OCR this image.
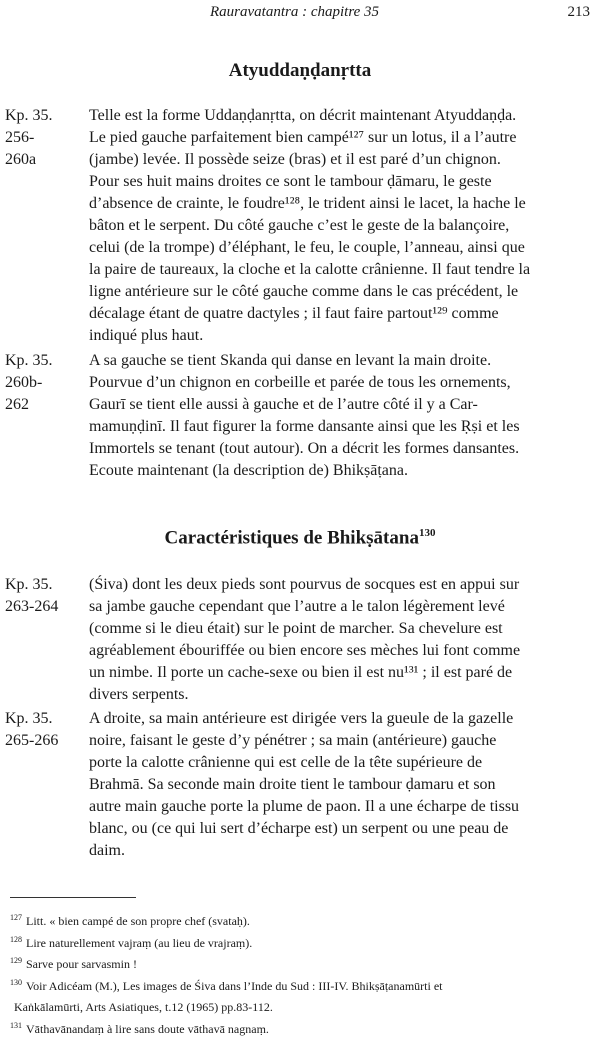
Rauravatantra : chapitre 35	213
Atyuddaṇḍanṛtta
Kp. 35.
256-
260a
Telle est la forme Uddaṇḍanṛtta, on décrit maintenant Atyuddaṇḍa.
Le pied gauche parfaitement bien campé¹²⁷ sur un lotus, il a l’autre
(jambe) levée. Il possède seize (bras) et il est paré d’un chignon.
Pour ses huit mains droites ce sont le tambour ḍāmaru, le geste
d’absence de crainte, le foudre¹²⁸, le trident ainsi le lacet, la hache le
bâton et le serpent. Du côté gauche c’est le geste de la balançoire,
celui (de la trompe) d’éléphant, le feu, le couple, l’anneau, ainsi que
la paire de taureaux, la cloche et la calotte crânienne. Il faut tendre la
ligne antérieure sur le côté gauche comme dans le cas précédent, le
décalage étant de quatre dactyles ; il faut faire partout¹²⁹ comme
indiqué plus haut.
Kp. 35.
260b-
262
A sa gauche se tient Skanda qui danse en levant la main droite.
Pourvue d’un chignon en corbeille et parée de tous les ornements,
Gaurī se tient elle aussi à gauche et de l’autre côté il y a Car-
mamuṇḍinī. Il faut figurer la forme dansante ainsi que les Ṛṣi et les
Immortels se tenant (tout autour). On a décrit les formes dansantes.
Ecoute maintenant (la description de) Bhikṣāṭana.
Caractéristiques de Bhikṣātana$^{130}$
Kp. 35.
263-264
(Śiva) dont les deux pieds sont pourvus de socques est en appui sur
sa jambe gauche cependant que l’autre a le talon légèrement levé
(comme si le dieu était) sur le point de marcher. Sa chevelure est
agréablement ébouriffée ou bien encore ses mèches lui font comme
un nimbe. Il porte un cache-sexe ou bien il est nu¹³¹ ; il est paré de
divers serpents.
Kp. 35.
265-266
A droite, sa main antérieure est dirigée vers la gueule de la gazelle
noire, faisant le geste d’y pénétrer ; sa main (antérieure) gauche
porte la calotte crânienne qui est celle de la tête supérieure de
Brahmā. Sa seconde main droite tient le tambour ḍamaru et son
autre main gauche porte la plume de paon. Il a une écharpe de tissu
blanc, ou (ce qui lui sert d’écharpe est) un serpent ou une peau de
daim.
$^{127}$ Litt. « bien campé de son propre chef (svataḥ).
$^{128}$ Lire naturellement vajraṃ (au lieu de vrajraṃ).
$^{129}$ Sarve pour sarvasmin !
$^{130}$ Voir Adicéam (M.), Les images de Śiva dans l’Inde du Sud : III-IV. Bhikṣāṭanamūrti et
Kaṅkālamūrti, Arts Asiatiques, t.12 (1965) pp.83-112.
$^{131}$ Vāthavānandaṃ à lire sans doute vāthavā nagnaṃ.
